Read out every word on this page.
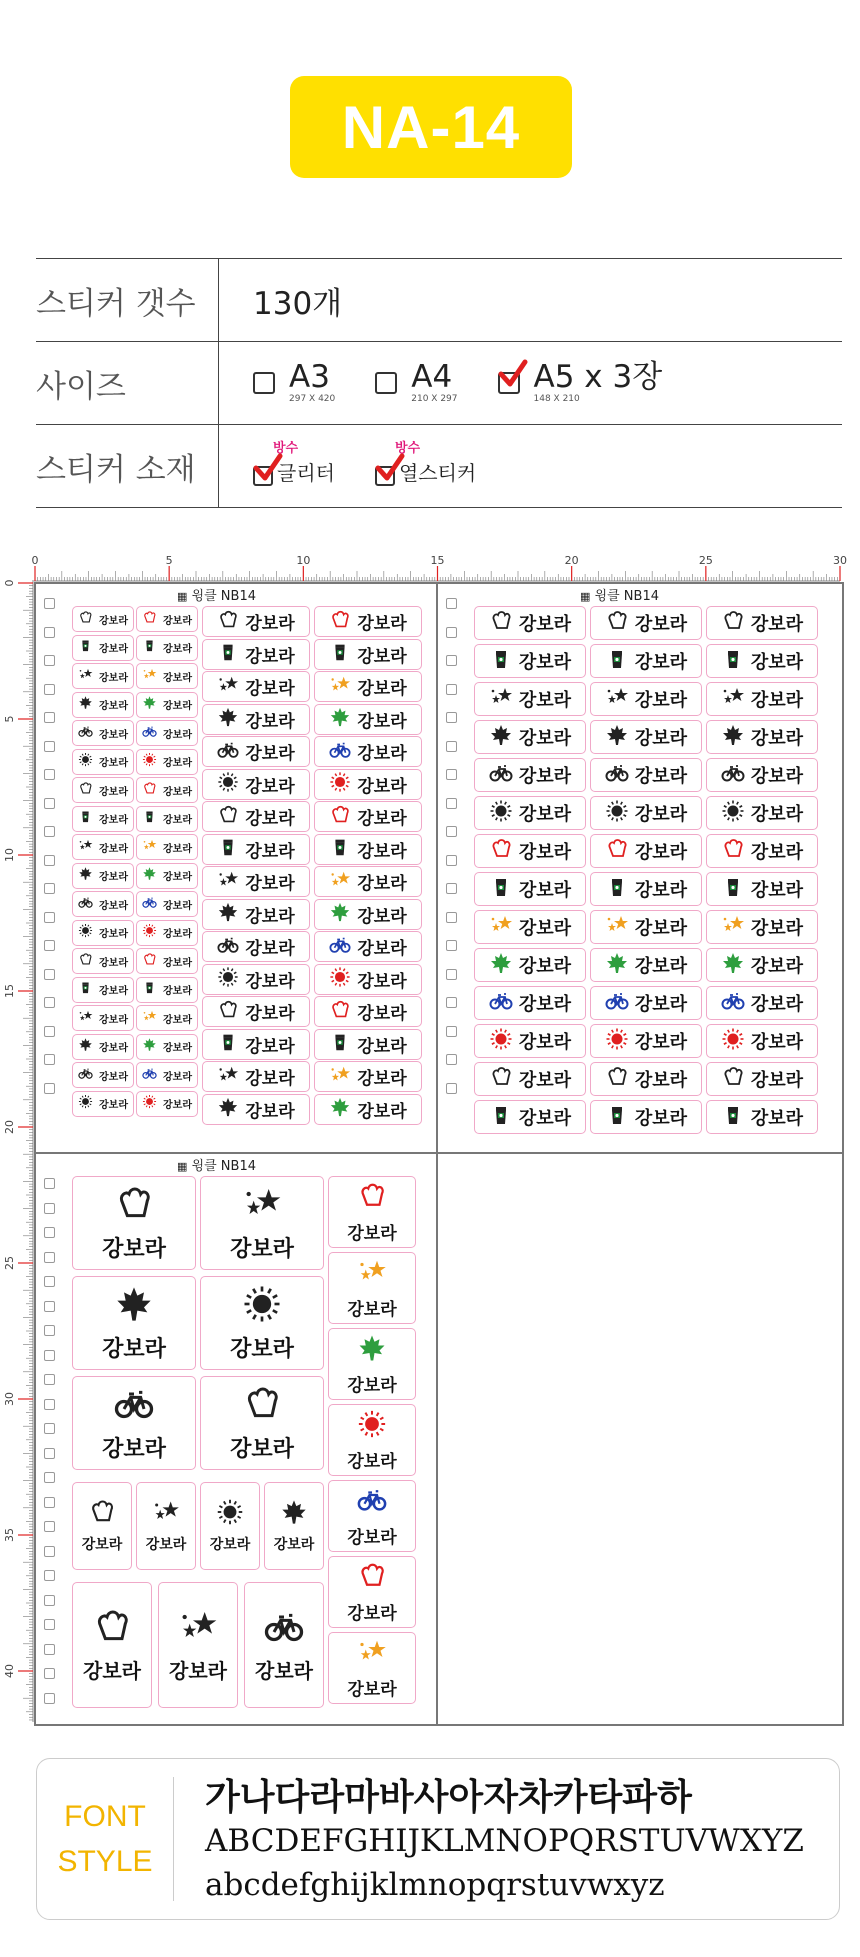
NA-14
스티커 갯수	130개
사이즈	A3
297 X 420
A4
210 X 297
A5 x 3장
148 X 210
스티커 소재
방수
글리터
방수
열스티커
0	5	10	15	20	25	30
0
5
10
15
20
25
30
35
40
▦ 윙클 NB14
강보라	강보라
강보라	강보라
강보라	강보라
강보라	강보라
강보라	강보라
강보라	강보라
강보라	강보라
강보라	강보라
강보라	강보라
강보라	강보라
강보라	강보라
강보라	강보라
강보라	강보라
강보라	강보라
강보라	강보라
강보라	강보라
강보라	강보라
강보라	강보라
강보라	강보라
강보라	강보라
강보라	강보라
강보라	강보라
강보라	강보라
강보라	강보라
강보라	강보라
강보라	강보라
강보라	강보라
강보라	강보라
강보라	강보라
강보라	강보라
강보라	강보라
강보라	강보라
강보라	강보라
강보라	강보라
▦ 윙클 NB14
강보라	강보라	강보라
강보라	강보라	강보라
강보라	강보라	강보라
강보라	강보라	강보라
강보라	강보라	강보라
강보라	강보라	강보라
강보라	강보라	강보라
강보라	강보라	강보라
강보라	강보라	강보라
강보라	강보라	강보라
강보라	강보라	강보라
강보라	강보라	강보라
강보라	강보라	강보라
강보라	강보라	강보라
▦ 윙클 NB14
강보라	강보라
강보라	강보라
강보라	강보라
강보라 강보라 강보라 강보라
강보라 강보라 강보라
강보라
강보라
강보라
강보라
강보라
강보라
강보라
FONT
STYLE
가나다라마바사아자차카타파하
ABCDEFGHIJKLMNOPQRSTUVWXYZ
abcdefghijklmnopqrstuvwxyz
